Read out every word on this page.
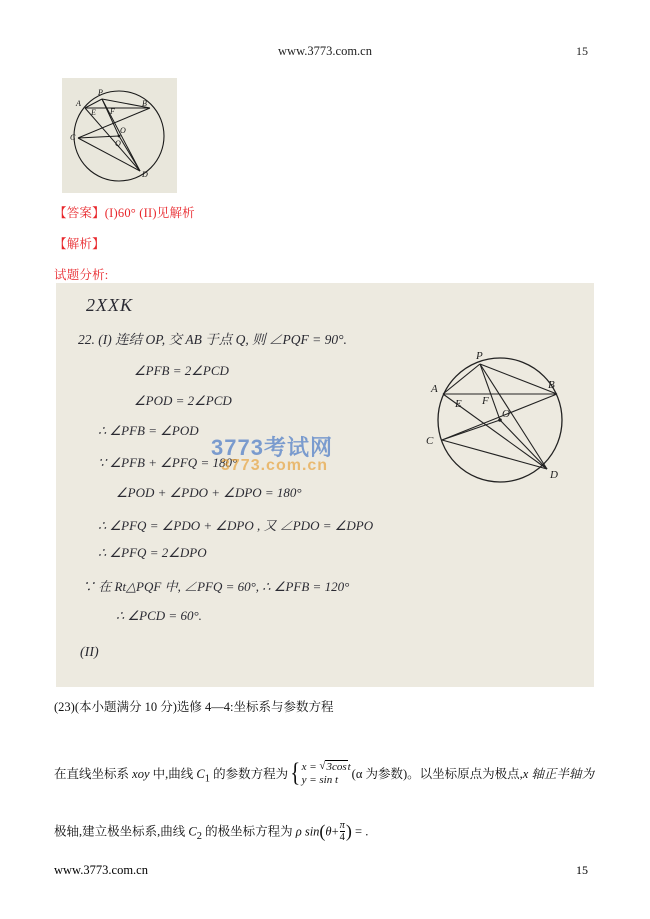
www.3773.com.cn	15
P
B
A
E F
C
O
Q
D
【答案】(I)60° (II)见解析
【解析】
试题分析:
2XXK
22. (I) 连结 OP, 交 AB 于点 Q, 则 ∠PQF = 90°.
∠PFB = 2∠PCD
∠POD = 2∠PCD
∴ ∠PFB = ∠POD
∵ ∠PFB + ∠PFQ = 180°
∠POD + ∠PDO + ∠DPO = 180°
∴ ∠PFQ = ∠PDO + ∠DPO , 又 ∠PDO = ∠DPO
∴ ∠PFQ = 2∠DPO
∵ 在 Rt△PQF 中, ∠PFQ = 60°, ∴ ∠PFB = 120°
∴ ∠PCD = 60°.
(II)
P
B
A
E F
C
O
D
3773考试网
3773.com.cn
(23)(本小题满分 10 分)选修 4—4:坐标系与参数方程
在直线坐标系 xoy 中,曲线 $C_1$ 的参数方程为{ x = √3cost
y = sin t	(α 为参数)。以坐标原点为极点,x 轴正半轴为
极轴,建立极坐标系,曲线 $C_2$ 的极坐标方程为 ρ $\sin(\theta+ \frac{\pi}{4}$ ) = .
www.3773.com.cn	15
